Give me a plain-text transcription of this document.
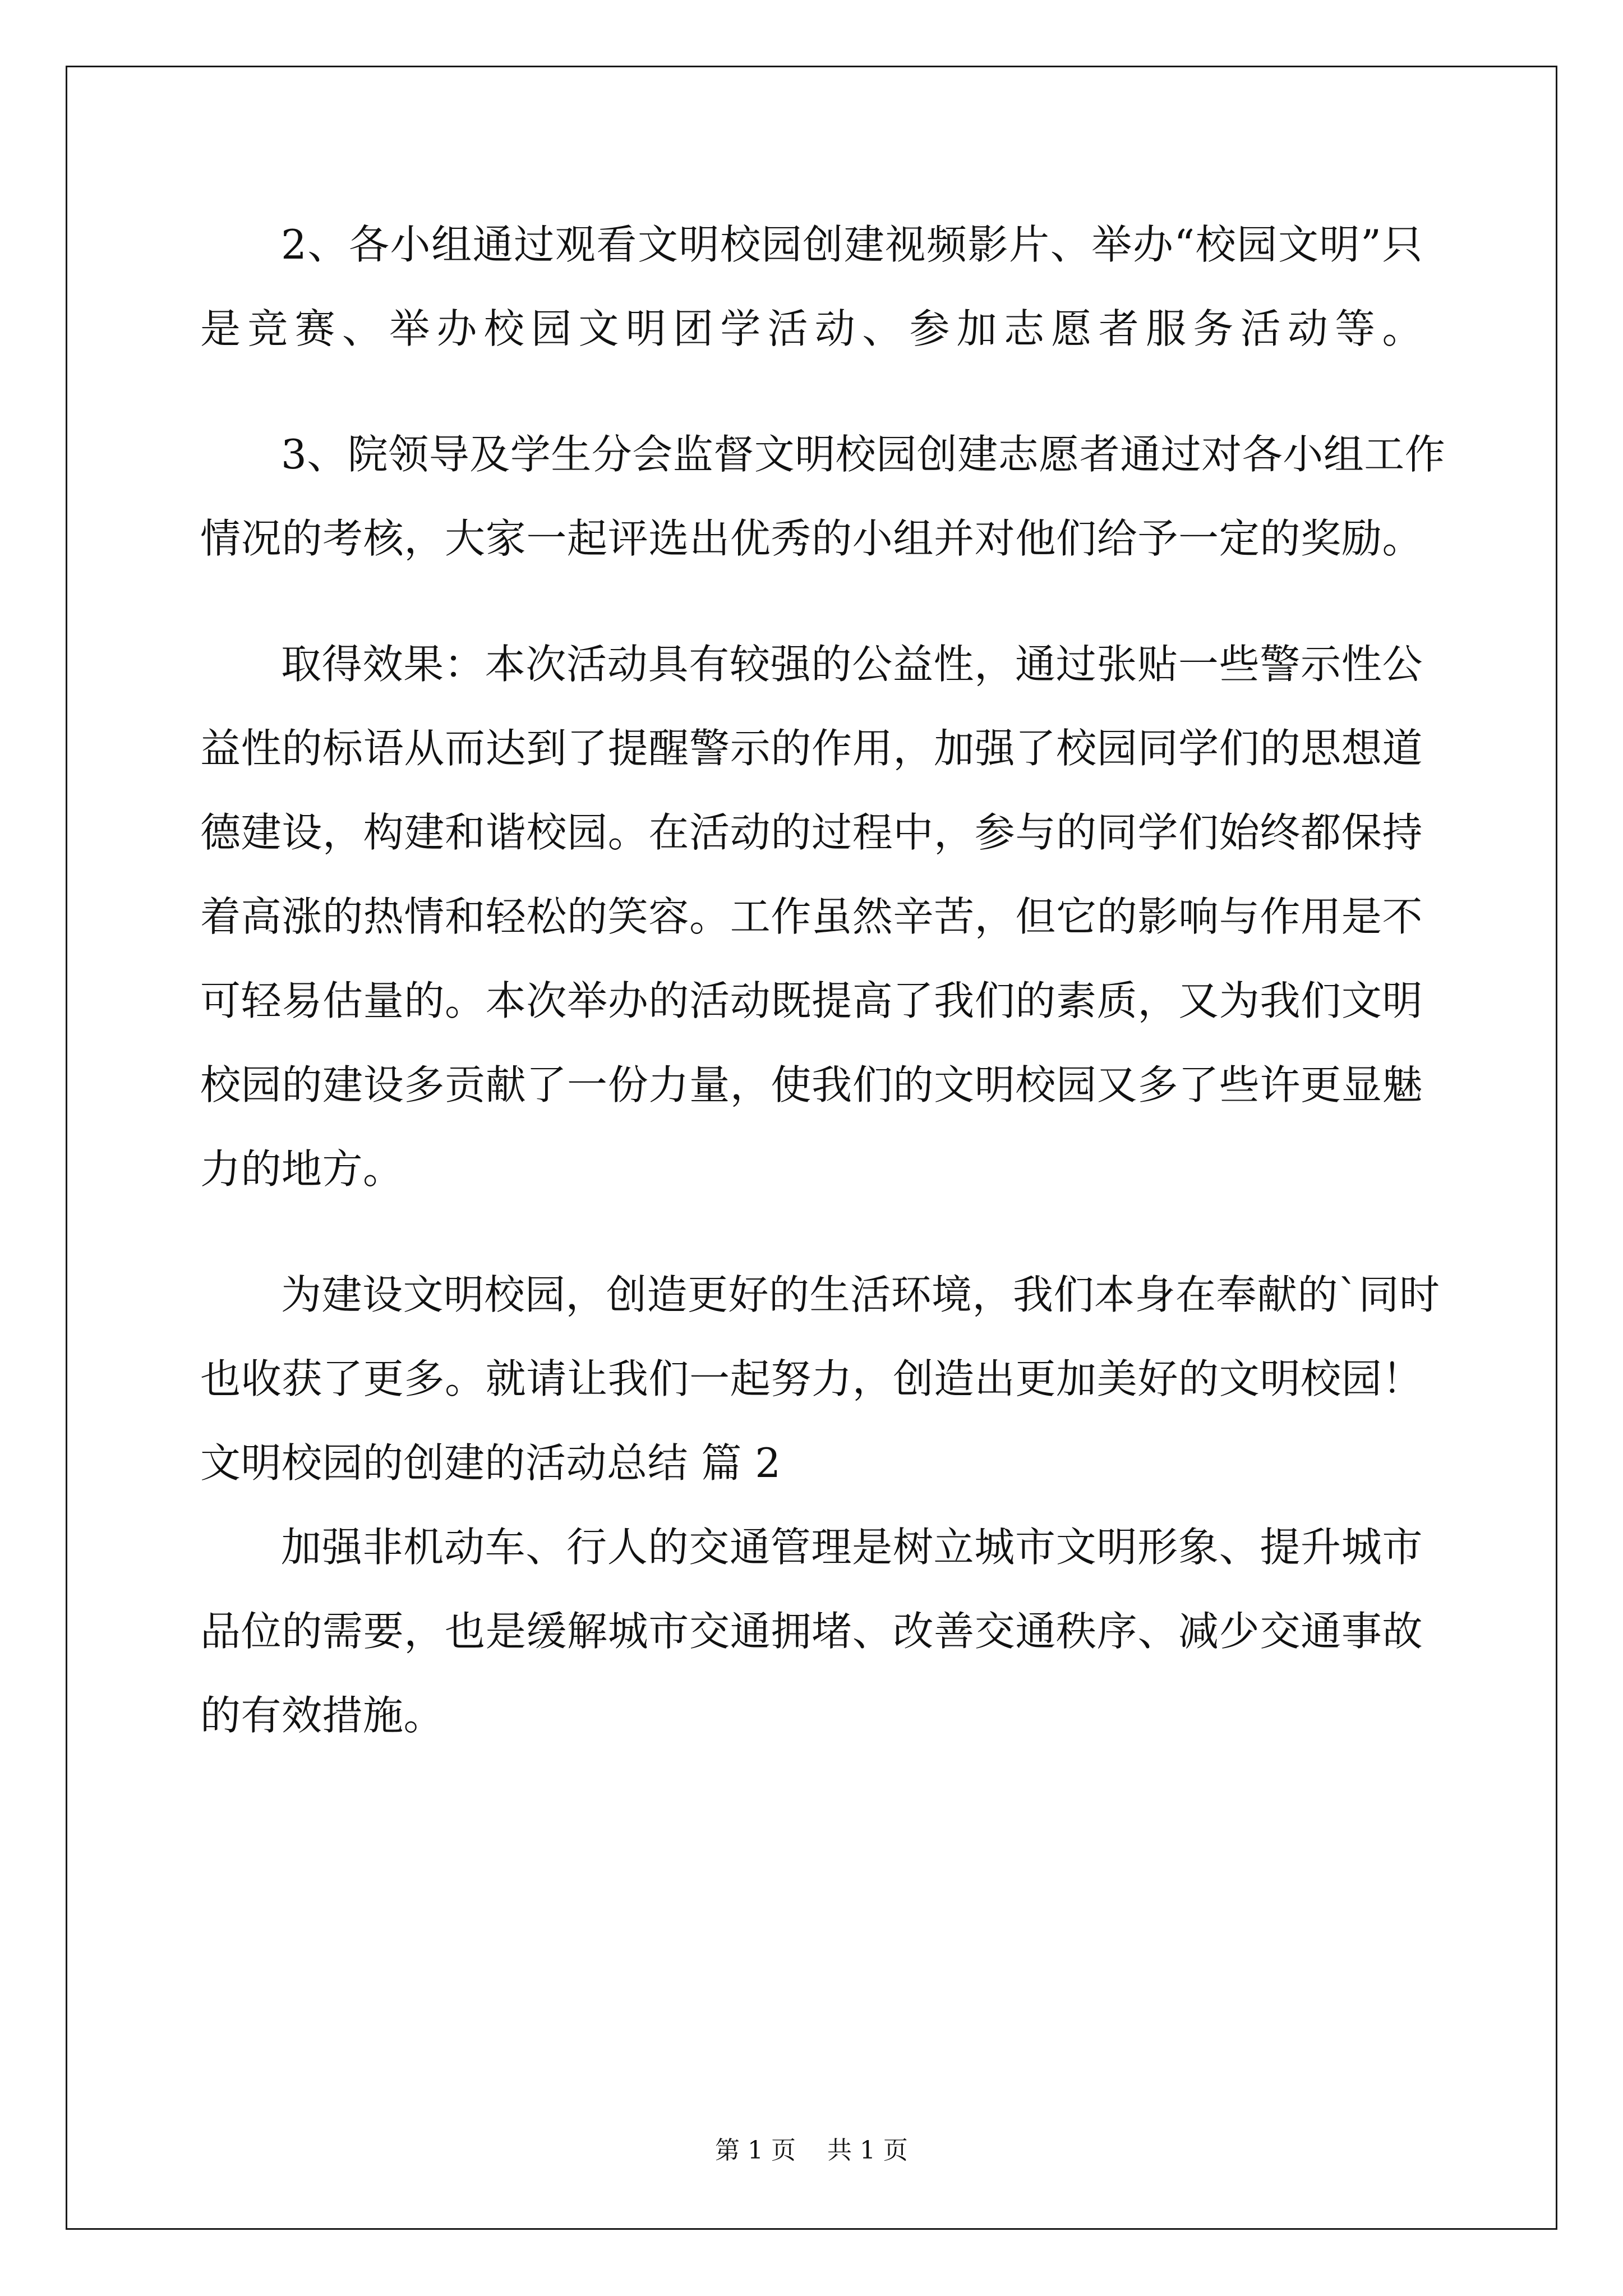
2、各小组通过观看文明校园创建视频影片、举办“校园文明”只
是竞赛、举办校园文明团学活动、参加志愿者服务活动等。
3、院领导及学生分会监督文明校园创建志愿者通过对各小组工作
情况的考核，大家一起评选出优秀的小组并对他们给予一定的奖励。
取得效果：本次活动具有较强的公益性，通过张贴一些警示性公
益性的标语从而达到了提醒警示的作用，加强了校园同学们的思想道
德建设，构建和谐校园。在活动的过程中，参与的同学们始终都保持
着高涨的热情和轻松的笑容。工作虽然辛苦，但它的影响与作用是不
可轻易估量的。本次举办的活动既提高了我们的素质，又为我们文明
校园的建设多贡献了一份力量，使我们的文明校园又多了些许更显魅
力的地方。
为建设文明校园，创造更好的生活环境，我们本身在奉献的`同时
也收获了更多。就请让我们一起努力，创造出更加美好的文明校园！
文明校园的创建的活动总结 篇 2
加强非机动车、行人的交通管理是树立城市文明形象、提升城市
品位的需要，也是缓解城市交通拥堵、改善交通秩序、减少交通事故
的有效措施。
第 1 页    共 1 页
